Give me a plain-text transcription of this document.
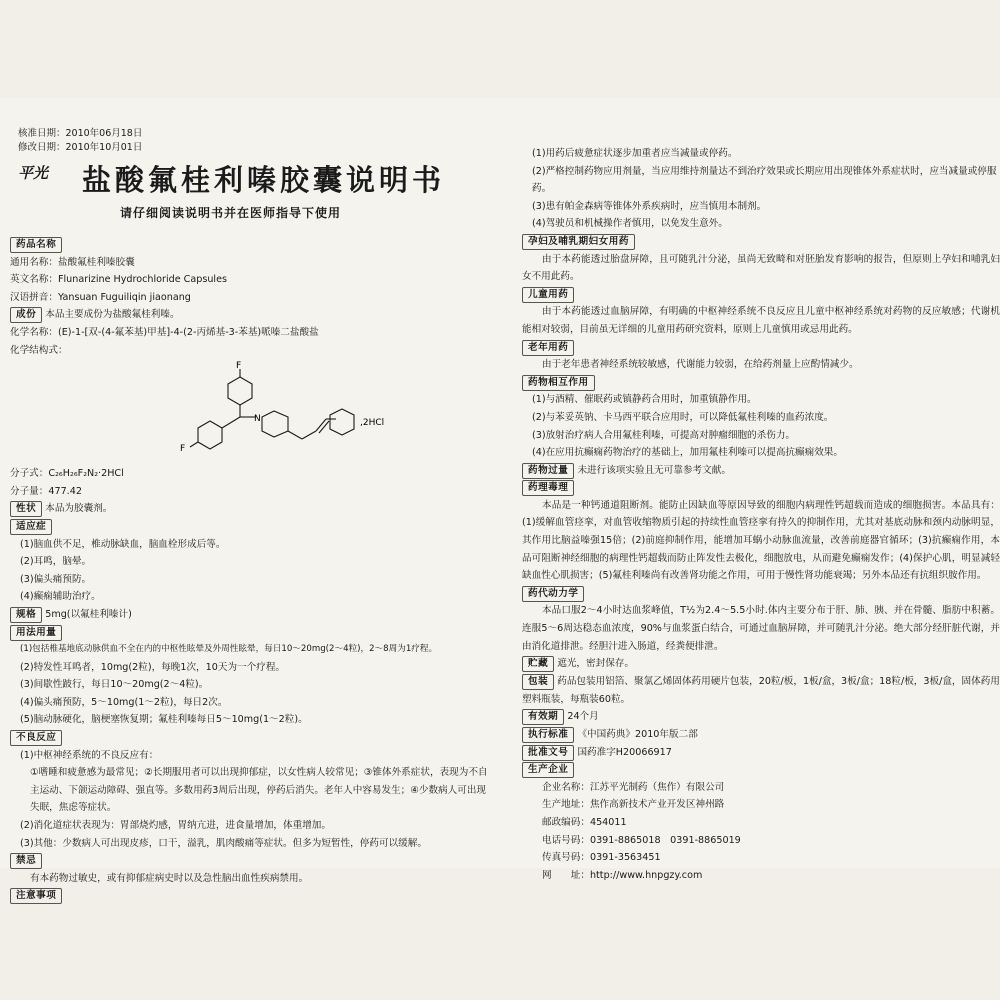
核准日期：2010年06月18日
修改日期：2010年10月01日
平光 盐酸氟桂利嗪胶囊说明书
请仔细阅读说明书并在医师指导下使用
药品名称
通用名称：盐酸氟桂利嗪胶囊
英文名称：Flunarizine Hydrochloride Capsules
汉语拼音：Yansuan Fuguiliqin jiaonang
成份 本品主要成份为盐酸氟桂利嗪。
化学名称：(E)-1-[双-(4-氟苯基)甲基]-4-(2-丙烯基-3-苯基)哌嗪二盐酸盐
化学结构式：
F
F
N	,2HCl
分子式：C₂₆H₂₆F₂N₂·2HCl
分子量：477.42
性状 本品为胶囊剂。
适应症
(1)脑血供不足，椎动脉缺血，脑血栓形成后等。
(2)耳鸣，脑晕。
(3)偏头痛预防。
(4)癫痫辅助治疗。
规格 5mg(以氟桂利嗪计)
用法用量
(1)包括椎基地底动脉供血不全在内的中枢性眩晕及外周性眩晕，每日10～20mg(2～4粒)，2～8周为1疗程。
(2)特发性耳鸣者，10mg(2粒)，每晚1次，10天为一个疗程。
(3)间歇性跛行，每日10～20mg(2～4粒)。
(4)偏头痛预防，5～10mg(1～2粒)，每日2次。
(5)脑动脉硬化，脑梗塞恢复期；氟桂利嗪每日5～10mg(1～2粒)。
不良反应
(1)中枢神经系统的不良反应有：
①嗜睡和疲惫感为最常见；②长期服用者可以出现抑郁症，以女性病人较常见；③锥体外系症状，表现为不自主运动、下颌运动障碍、强直等。多数用药3周后出现，停药后消失。老年人中容易发生；④少数病人可出现失眠，焦虑等症状。
(2)消化道症状表现为：胃部烧灼感，胃纳亢进，进食量增加，体重增加。
(3)其他：少数病人可出现皮疹，口干，溢乳，肌肉酸痛等症状。但多为短暂性，停药可以缓解。
禁忌
有本药物过敏史，或有抑郁症病史时以及急性脑出血性疾病禁用。
注意事项
(1)用药后疲惫症状逐步加重者应当减量或停药。
(2)严格控制药物应用剂量，当应用维持剂量达不到治疗效果或长期应用出现锥体外系症状时，应当减量或停服药。
(3)患有帕金森病等锥体外系疾病时，应当慎用本制剂。
(4)驾驶员和机械操作者慎用，以免发生意外。
孕妇及哺乳期妇女用药
由于本药能透过胎盘屏障，且可随乳汁分泌，虽尚无致畸和对胚胎发育影响的报告，但原则上孕妇和哺乳妇女不用此药。
儿童用药
由于本药能透过血脑屏障，有明确的中枢神经系统不良反应且儿童中枢神经系统对药物的反应敏感；代谢机能相对较弱，目前虽无详细的儿童用药研究资料，原则上儿童慎用或忌用此药。
老年用药
由于老年患者神经系统较敏感，代谢能力较弱，在给药剂量上应酌情减少。
药物相互作用
(1)与酒精、催眠药或镇静药合用时，加重镇静作用。
(2)与苯妥英钠、卡马西平联合应用时，可以降低氟桂利嗪的血药浓度。
(3)放射治疗病人合用氟桂利嗪，可提高对肿瘤细胞的杀伤力。
(4)在应用抗癫痫药物治疗的基础上，加用氟桂利嗪可以提高抗癫痫效果。
药物过量 未进行该项实验且无可靠参考文献。
药理毒理
本品是一种钙通道阻断剂。能防止因缺血等原因导致的细胞内病理性钙超载而造成的细胞损害。本品具有：(1)缓解血管痉挛，对血管收缩物质引起的持续性血管痉挛有持久的抑制作用，尤其对基底动脉和颈内动脉明显，其作用比脑益嗪强15倍；(2)前庭抑制作用，能增加耳蜗小动脉血流量，改善前庭器官循环；(3)抗癫痫作用，本品可阻断神经细胞的病理性钙超载而防止阵发性去极化，细胞放电，从而避免癫痫发作；(4)保护心肌，明显减轻缺血性心肌损害；(5)氟桂利嗪尚有改善肾功能之作用，可用于慢性肾功能衰竭；另外本品还有抗组织胺作用。
药代动力学
本品口服2～4小时达血浆峰值，T½为2.4～5.5小时.体内主要分布于肝、肺、胰、并在骨髓、脂肪中积蓄。连服5～6周达稳态血浓度，90%与血浆蛋白结合，可通过血脑屏障，并可随乳汁分泌。绝大部分经肝脏代谢，并由消化道排泄。经胆汁进入肠道，经粪便排泄。
贮藏 遮光，密封保存。
包装 药品包装用铝箔、聚氯乙烯固体药用硬片包装，20粒/板，1板/盒，3板/盒；18粒/板，3板/盒，固体药用塑料瓶装，每瓶装60粒。
有效期 24个月
执行标准 《中国药典》2010年版二部
批准文号 国药准字H20066917
生产企业
企业名称：江苏平光制药（焦作）有限公司
生产地址：焦作高新技术产业开发区神州路
邮政编码：454011
电话号码：0391-8865018　0391-8865019
传真号码：0391-3563451
网　　址：http://www.hnpgzy.com
